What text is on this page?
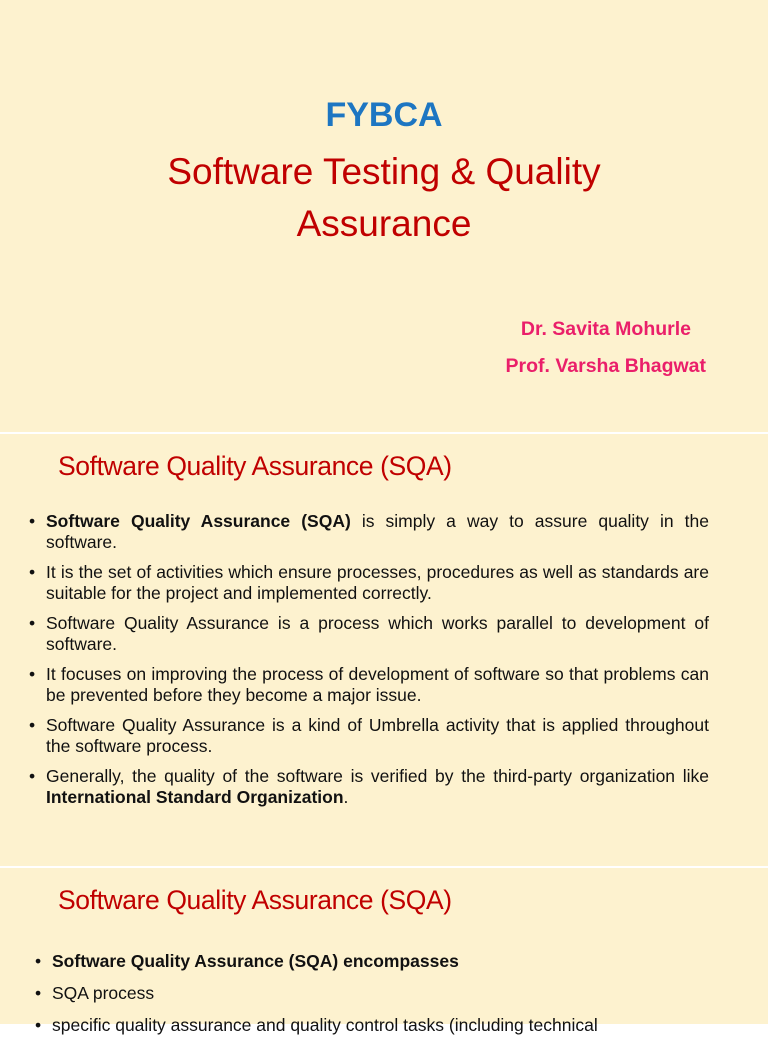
FYBCA
Software Testing & Quality
Assurance
Dr. Savita Mohurle
Prof. Varsha Bhagwat
Software Quality Assurance (SQA)
• Software Quality Assurance (SQA) is simply a way to assure quality in the software.
• It is the set of activities which ensure processes, procedures as well as standards are suitable for the project and implemented correctly.
• Software Quality Assurance is a process which works parallel to development of software.
• It focuses on improving the process of development of software so that problems can be prevented before they become a major issue.
• Software Quality Assurance is a kind of Umbrella activity that is applied throughout the software process.
• Generally, the quality of the software is verified by the third-party organization like International Standard Organization.
Software Quality Assurance (SQA)
• Software Quality Assurance (SQA) encompasses
• SQA process
• specific quality assurance and quality control tasks (including technical
